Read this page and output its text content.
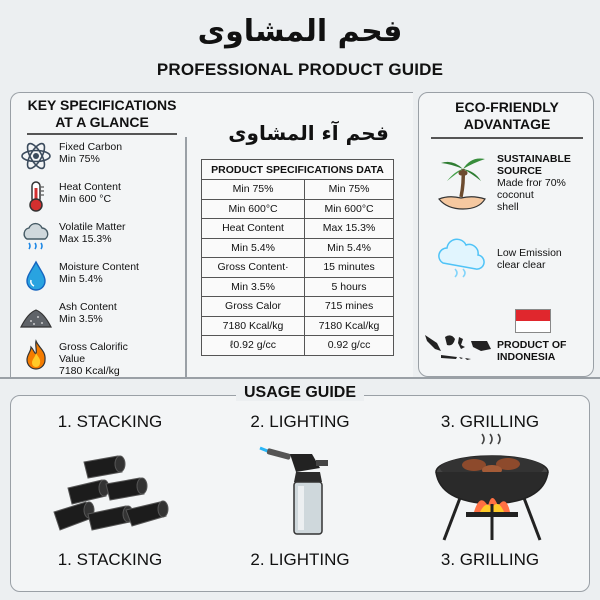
فحم المشاوى
PROFESSIONAL PRODUCT GUIDE
KEY SPECIFICATIONS
AT A GLANCE
Fixed Carbon
Min 75%
Heat Content
Min 600 °C
Volatile Matter
Max 15.3%
Moisture Content
Min 5.4%
Ash Content
Min 3.5%
Gross Calorific
Value
7180 Kcal/kg
فحم آء المشاوى
PRODUCT SPECIFICATIONS DATA	
Min 75%	Min 75%
Min 600°C	Min 600°C
Heat Content	Max 15.3%
Min 5.4%	Min 5.4%
Gross Content·	15 minutes
Min 3.5%	5 hours
Gross Calor	715 mines
7180 Kcal/kg	7180 Kcal/kg
ℓ0.92 g/cc	0.92 g/cc
ECO-FRIENDLY
ADVANTAGE
SUSTAINABLE
SOURCE
Made fror 70%
coconut
shell
Low Emission
clear clear
PRODUCT OF
INDONESIA
USAGE GUIDE
1. STACKING	2. LIGHTING	3. GRILLING
1. STACKING	2. LIGHTING	3. GRILLING
